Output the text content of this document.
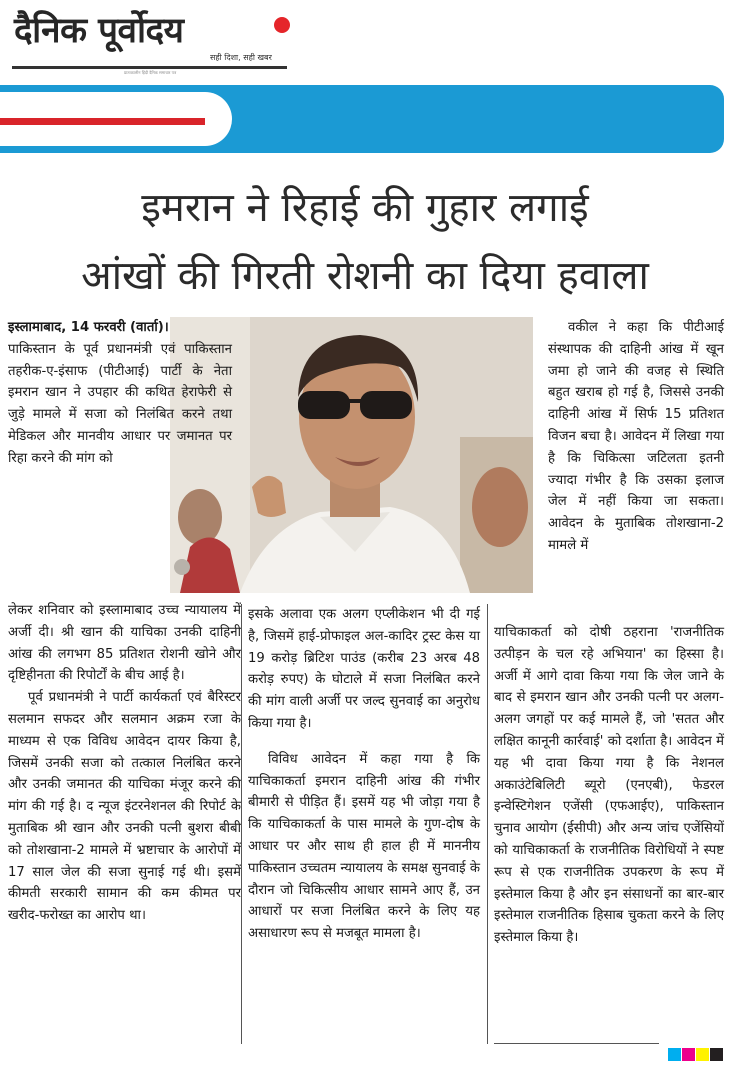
दैनिक पूर्वोदय
सही दिशा, सही खबर
प्रातःकालीन हिंदी दैनिक समाचार पत्र
इमरान ने रिहाई की गुहार लगाई
आंखों की गिरती रोशनी का दिया हवाला

इस्लामाबाद, 14 फरवरी (वार्ता)।

पाकिस्तान के पूर्व प्रधानमंत्री एवं पाकिस्तान तहरीक-ए-इंसाफ (पीटीआई) पार्टी के नेता इमरान खान ने उपहार की कथित हेराफेरी से जुड़े मामले में सजा को निलंबित करने तथा मेडिकल और मानवीय आधार पर जमानत पर रिहा करने की मांग को

लेकर शनिवार को इस्लामाबाद उच्च न्यायालय में अर्जी दी। श्री खान की याचिका उनकी दाहिनी आंख की लगभग 85 प्रतिशत रोशनी खोने और दृष्टिहीनता की रिपोर्टों के बीच आई है।

पूर्व प्रधानमंत्री ने पार्टी कार्यकर्ता एवं बैरिस्टर सलमान सफदर और सलमान अक्रम रजा के माध्यम से एक विविध आवेदन दायर किया है, जिसमें उनकी सजा को तत्काल निलंबित करने और उनकी जमानत की याचिका मंजूर करने की मांग की गई है। द न्यूज इंटरनेशनल की रिपोर्ट के मुताबिक श्री खान और उनकी पत्नी बुशरा बीबी को तोशखाना-2 मामले में भ्रष्टाचार के आरोपों में 17 साल जेल की सजा सुनाई गई थी। इसमें कीमती सरकारी सामान की कम कीमत पर खरीद-फरोख्त का आरोप था।

इसके अलावा एक अलग एप्लीकेशन भी दी गई है, जिसमें हाई-प्रोफाइल अल-कादिर ट्रस्ट केस या 19 करोड़ ब्रिटिश पाउंड (करीब 23 अरब 48 करोड़ रुपए) के घोटाले में सजा निलंबित करने की मांग वाली अर्जी पर जल्द सुनवाई का अनुरोध किया गया है।

विविध आवेदन में कहा गया है कि याचिकाकर्ता इमरान दाहिनी आंख की गंभीर बीमारी से पीड़ित हैं। इसमें यह भी जोड़ा गया है कि याचिकाकर्ता के पास मामले के गुण-दोष के आधार पर और साथ ही हाल ही में माननीय पाकिस्तान उच्चतम न्यायालय के समक्ष सुनवाई के दौरान जो चिकित्सीय आधार सामने आए हैं, उन आधारों पर सजा निलंबित करने के लिए यह असाधारण रूप से मजबूत मामला है।

वकील ने कहा कि पीटीआई संस्थापक की दाहिनी आंख में खून जमा हो जाने की वजह से स्थिति बहुत खराब हो गई है, जिससे उनकी दाहिनी आंख में सिर्फ 15 प्रतिशत विजन बचा है। आवेदन में लिखा गया है कि चिकित्सा जटिलता इतनी ज्यादा गंभीर है कि उसका इलाज जेल में नहीं किया जा सकता। आवेदन के मुताबिक तोशखाना-2 मामले में

याचिकाकर्ता को दोषी ठहराना 'राजनीतिक उत्पीड़न के चल रहे अभियान' का हिस्सा है। अर्जी में आगे दावा किया गया कि जेल जाने के बाद से इमरान खान और उनकी पत्नी पर अलग-अलग जगहों पर कई मामले हैं, जो 'सतत और लक्षित कानूनी कार्रवाई' को दर्शाता है। आवेदन में यह भी दावा किया गया है कि नेशनल अकाउंटेबिलिटी ब्यूरो (एनएबी), फेडरल इन्वेस्टिगेशन एजेंसी (एफआईए), पाकिस्तान चुनाव आयोग (ईसीपी) और अन्य जांच एजेंसियों को याचिकाकर्ता के राजनीतिक विरोधियों ने स्पष्ट रूप से एक राजनीतिक उपकरण के रूप में इस्तेमाल किया है और इन संसाधनों का बार-बार इस्तेमाल राजनीतिक हिसाब चुकता करने के लिए इस्तेमाल किया है।
